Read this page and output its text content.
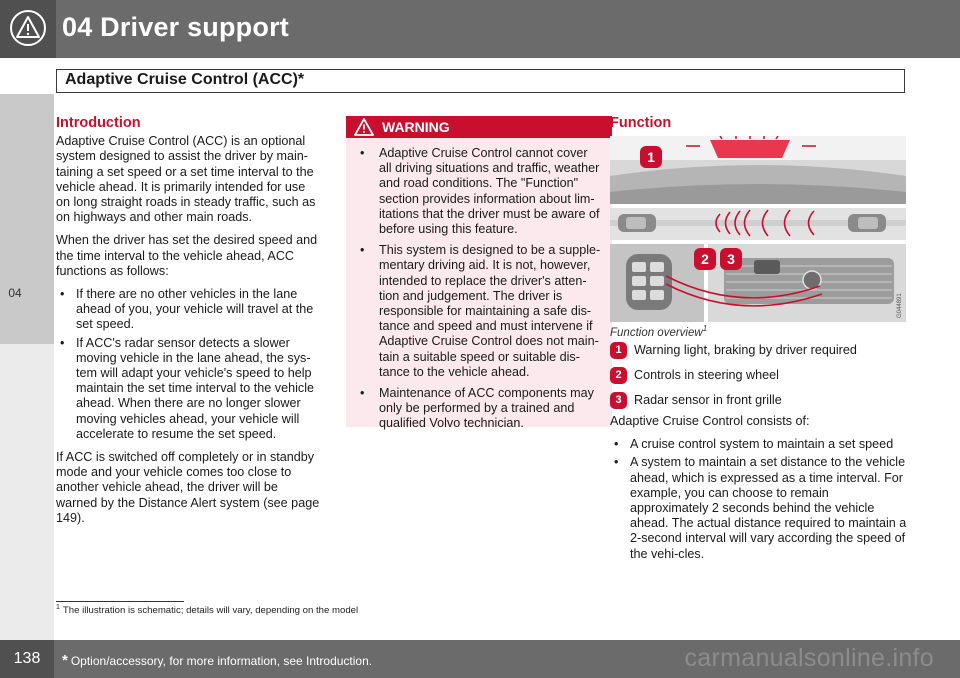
04 Driver support
Adaptive Cruise Control (ACC)*
04
Introduction

Adaptive Cruise Control (ACC) is an optional system designed to assist the driver by main-taining a set speed or a set time interval to the vehicle ahead. It is primarily intended for use on long straight roads in steady traffic, such as on highways and other main roads.

When the driver has set the desired speed and the time interval to the vehicle ahead, ACC functions as follows:

• If there are no other vehicles in the lane ahead of you, your vehicle will travel at the set speed.
• If ACC's radar sensor detects a slower moving vehicle in the lane ahead, the sys-tem will adapt your vehicle's speed to help maintain the set time interval to the vehicle ahead. When there are no longer slower moving vehicles ahead, your vehicle will accelerate to resume the set speed.

If ACC is switched off completely or in standby mode and your vehicle comes too close to another vehicle ahead, the driver will be warned by the Distance Alert system (see page 149).

WARNING
• Adaptive Cruise Control cannot cover all driving situations and traffic, weather and road conditions. The "Function" section provides information about lim-itations that the driver must be aware of before using this feature.
• This system is designed to be a supple-mentary driving aid. It is not, however, intended to replace the driver's atten-tion and judgement. The driver is responsible for maintaining a safe dis-tance and speed and must intervene if Adaptive Cruise Control does not main-tain a suitable speed or suitable dis-tance to the vehicle ahead.
• Maintenance of ACC components may only be performed by a trained and qualified Volvo technician.
Function
1
2 3
G044891
Function overview$^1$
1 Warning light, braking by driver required
2 Controls in steering wheel
3 Radar sensor in front grille

Adaptive Cruise Control consists of:

• A cruise control system to maintain a set speed
• A system to maintain a set distance to the vehicle ahead, which is expressed as a time interval. For example, you can choose to remain approximately 2 seconds behind the vehicle ahead. The actual distance required to maintain a 2-second interval will vary according the speed of the vehi-cles.
$^1$ The illustration is schematic; details will vary, depending on the model
138	* Option/accessory, for more information, see Introduction.	carmanualsonline.info
